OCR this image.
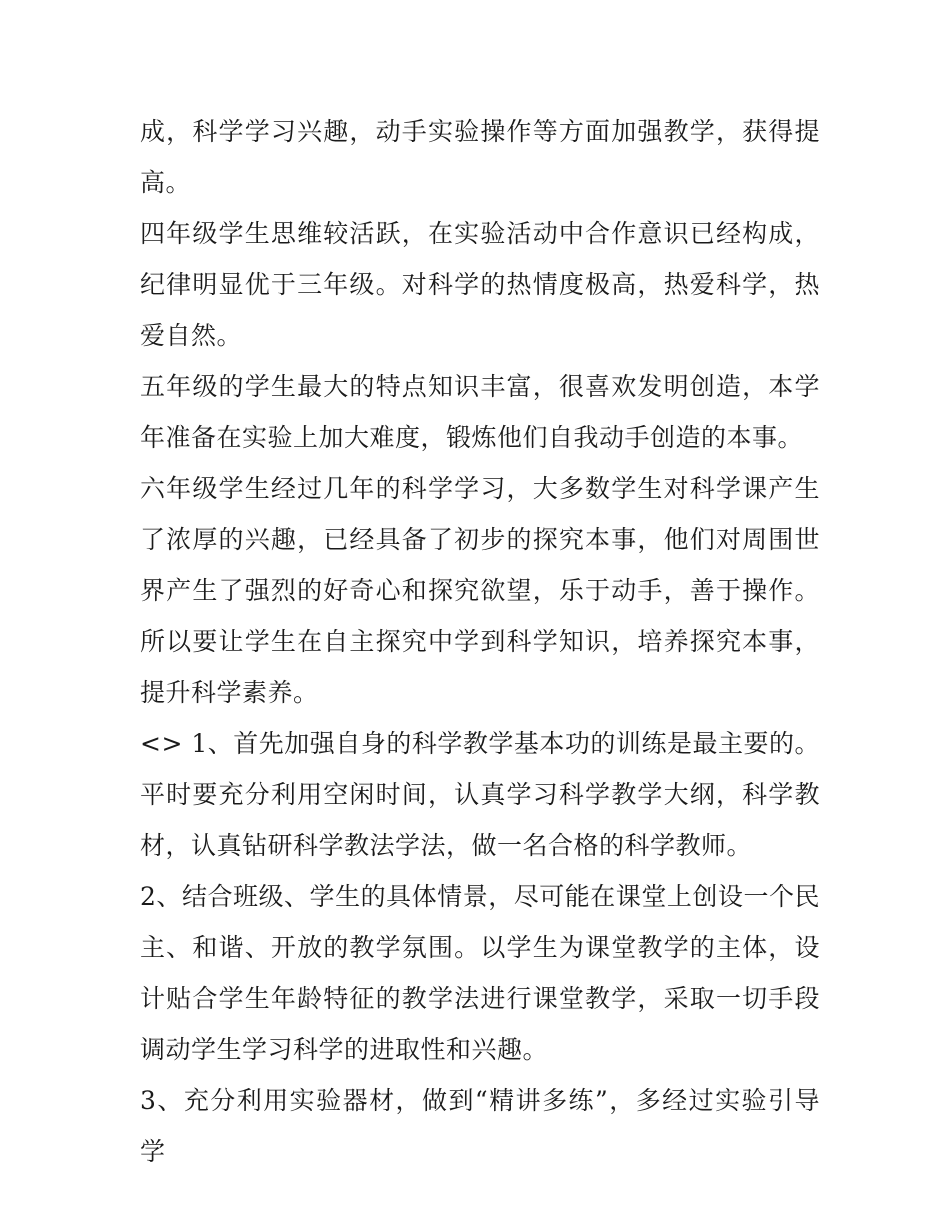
成，科学学习兴趣，动手实验操作等方面加强教学，获得提高。

四年级学生思维较活跃，在实验活动中合作意识已经构成，纪律明显优于三年级。对科学的热情度极高，热爱科学，热爱自然。

五年级的学生最大的特点知识丰富，很喜欢发明创造，本学年准备在实验上加大难度，锻炼他们自我动手创造的本事。

六年级学生经过几年的科学学习，大多数学生对科学课产生了浓厚的兴趣，已经具备了初步的探究本事，他们对周围世界产生了强烈的好奇心和探究欲望，乐于动手，善于操作。所以要让学生在自主探究中学到科学知识，培养探究本事，提升科学素养。

<> 1、首先加强自身的科学教学基本功的训练是最主要的。平时要充分利用空闲时间，认真学习科学教学大纲，科学教材，认真钻研科学教法学法，做一名合格的科学教师。

2、结合班级、学生的具体情景，尽可能在课堂上创设一个民主、和谐、开放的教学氛围。以学生为课堂教学的主体，设计贴合学生年龄特征的教学法进行课堂教学，采取一切手段调动学生学习科学的进取性和兴趣。

3、充分利用实验器材，做到“精讲多练”，多经过实验引导学
